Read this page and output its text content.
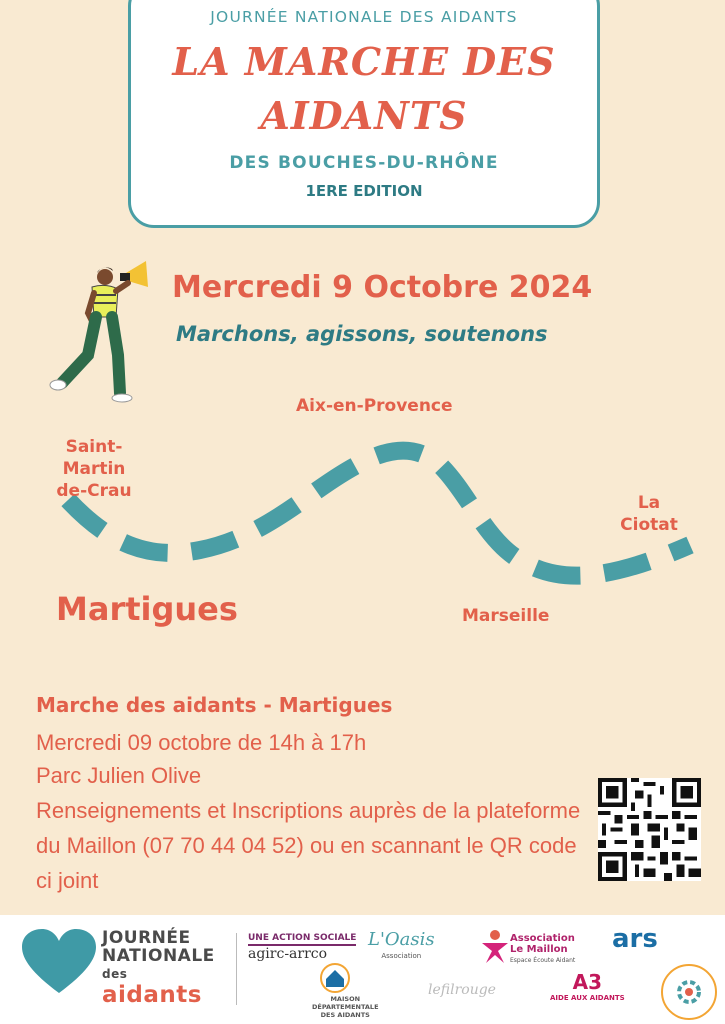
JOURNÉE NATIONALE DES AIDANTS
LA MARCHE DES
AIDANTS
DES BOUCHES-DU-RHÔNE
1ERE EDITION
Mercredi 9 Octobre 2024
Marchons, agissons, soutenons
Aix-en-Provence
Saint-Martin
de-Crau
La
Ciotat
Martigues	Marseille
Marche des aidants - Martigues
Mercredi 09 octobre de 14h à 17h
Parc Julien Olive
Renseignements et Inscriptions auprès de la plateforme du Maillon (07 70 44 04 52) ou en scannant le QR code ci joint
JOURNÉE
NATIONALE
des
aidants
UNE ACTION SOCIALE
agirc-arrco
L'Oasis
Association
Association
Le Maillon
Espace Écoute Aidant
ars
MAISON
DÉPARTEMENTALE
DES AIDANTS
lefilrouge	A3
AIDE AUX AIDANTS
